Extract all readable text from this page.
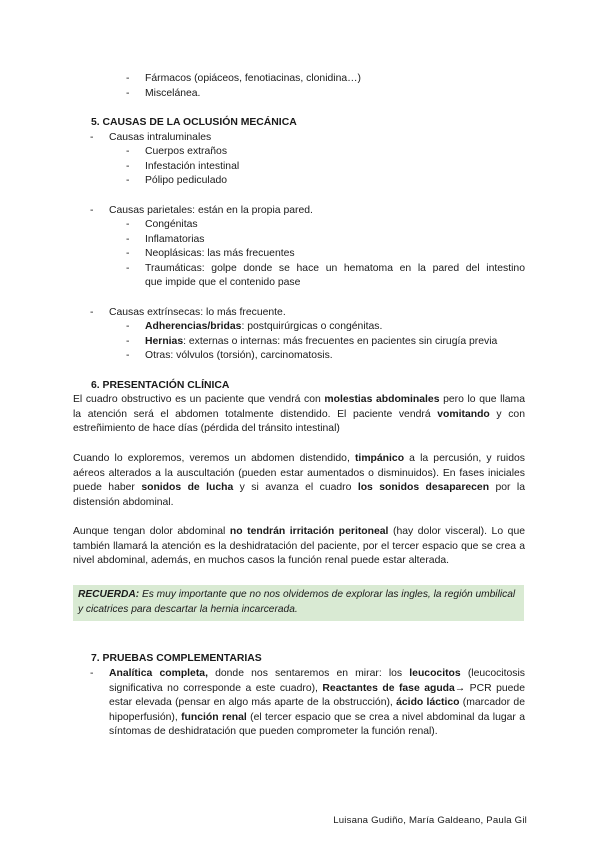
- Fármacos (opiáceos, fenotiacinas, clonidina…)
- Miscelánea.
5. CAUSAS DE LA OCLUSIÓN MECÁNICA
- Causas intraluminales
- Cuerpos extraños
- Infestación intestinal
- Pólipo pediculado
- Causas parietales: están en la propia pared.
- Congénitas
- Inflamatorias
- Neoplásicas: las más frecuentes
- Traumáticas: golpe donde se hace un hematoma en la pared del intestino
que impide que el contenido pase
- Causas extrínsecas: lo más frecuente.
- Adherencias/bridas: postquirúrgicas o congénitas.
- Hernias: externas o internas: más frecuentes en pacientes sin cirugía previa
- Otras: vólvulos (torsión), carcinomatosis.
6. PRESENTACIÓN CLÍNICA
El cuadro obstructivo es un paciente que vendrá con molestias abdominales pero lo que llama la atención será el abdomen totalmente distendido. El paciente vendrá vomitando y con estreñimiento de hace días (pérdida del tránsito intestinal)
Cuando lo exploremos, veremos un abdomen distendido, timpánico a la percusión, y ruidos aéreos alterados a la auscultación (pueden estar aumentados o disminuidos). En fases iniciales puede haber sonidos de lucha y si avanza el cuadro los sonidos desaparecen por la distensión abdominal.
Aunque tengan dolor abdominal no tendrán irritación peritoneal (hay dolor visceral). Lo que también llamará la atención es la deshidratación del paciente, por el tercer espacio que se crea a nivel abdominal, además, en muchos casos la función renal puede estar alterada.
RECUERDA: Es muy importante que no nos olvidemos de explorar las ingles, la región umbilical y cicatrices para descartar la hernia incarcerada.
7. PRUEBAS COMPLEMENTARIAS
- Analítica completa, donde nos sentaremos en mirar: los leucocitos (leucocitosis significativa no corresponde a este cuadro), Reactantes de fase aguda→ PCR puede estar elevada (pensar en algo más aparte de la obstrucción), ácido láctico (marcador de hipoperfusión), función renal (el tercer espacio que se crea a nivel abdominal da lugar a síntomas de deshidratación que pueden comprometer la función renal).
Luisana Gudiño, María Galdeano, Paula Gil
